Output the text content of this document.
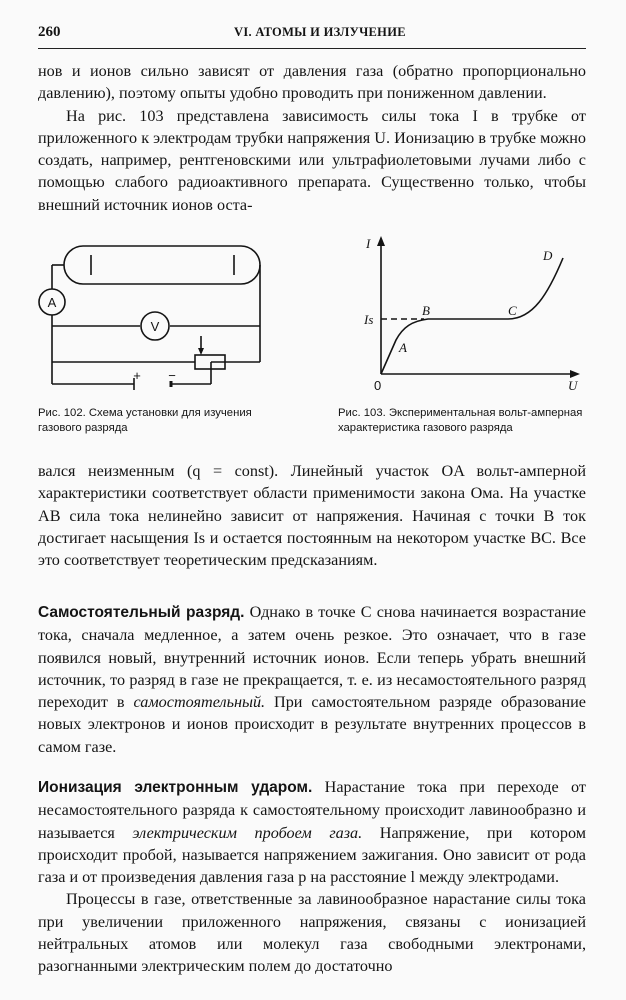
260	VI. АТОМЫ И ИЗЛУЧЕНИЕ

нов и ионов сильно зависят от давления газа (обратно пропорционально давлению), поэтому опыты удобно проводить при пониженном давлении.

На рис. 103 представлена зависимость силы тока I в трубке от приложенного к электродам трубки напряжения U. Ионизацию в трубке можно создать, например, рентгеновскими или ультрафиолетовыми лучами либо с помощью слабого радиоактивного препарата. Существенно только, чтобы внешний источник ионов оста-

A
V
+ −
Рис. 102. Схема установки для изучения газового разряда
I
U
0
Is
A
B	C
D
Рис. 103. Экспериментальная вольт-амперная характеристика газового разряда

вался неизменным (q = const). Линейный участок OA вольт-амперной характеристики соответствует области применимости закона Ома. На участке AB сила тока нелинейно зависит от напряжения. Начиная с точки B ток достигает насыщения Is и остается постоянным на некотором участке BC. Все это соответствует теоретическим предсказаниям.

Самостоятельный разряд. Однако в точке C снова начинается возрастание тока, сначала медленное, а затем очень резкое. Это означает, что в газе появился новый, внутренний источник ионов. Если теперь убрать внешний источник, то разряд в газе не прекращается, т. е. из несамостоятельного разряд переходит в самостоятельный. При самостоятельном разряде образование новых электронов и ионов происходит в результате внутренних процессов в самом газе.

Ионизация электронным ударом. Нарастание тока при переходе от несамостоятельного разряда к самостоятельному происходит лавинообразно и называется электрическим пробоем газа. Напряжение, при котором происходит пробой, называется напряжением зажигания. Оно зависит от рода газа и от произведения давления газа p на расстояние l между электродами.

Процессы в газе, ответственные за лавинообразное нарастание силы тока при увеличении приложенного напряжения, связаны с ионизацией нейтральных атомов или молекул газа свободными электронами, разогнанными электрическим полем до достаточно
